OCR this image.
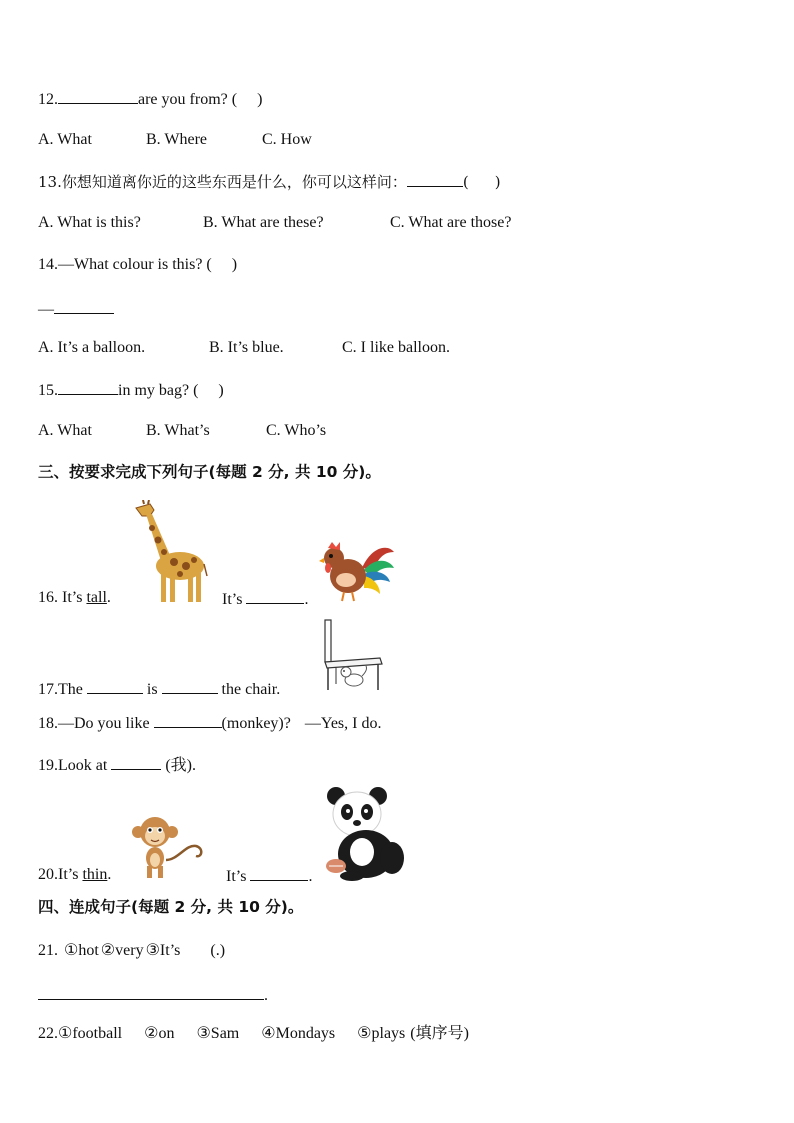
12.	are you from? ( )
A. What	B. Where	C. How
13.你想知道离你近的这些东西是什么，你可以这样问：	( )
A. What is this?	B. What are these?	C. What are those?
14.—What colour is this? ( )
—
A. It’s a balloon.	B. It’s blue.	C. I like balloon.
15.	in my bag? ( )
A. What	B. What’s	C. Who’s
三、按要求完成下列句子(每题 2 分, 共 10 分)。
16. It’s tall.	It’s	.
17.The	is	the chair.
18.—Do you like	(monkey)? —Yes, I do.
19.Look at	(我).
20.It’s thin.	It’s	.
四、连成句子(每题 2 分, 共 10 分)。
21. ①hot ②very ③It’s (.)
.
22.①football ②on ③Sam ④Mondays ⑤plays (填序号)
